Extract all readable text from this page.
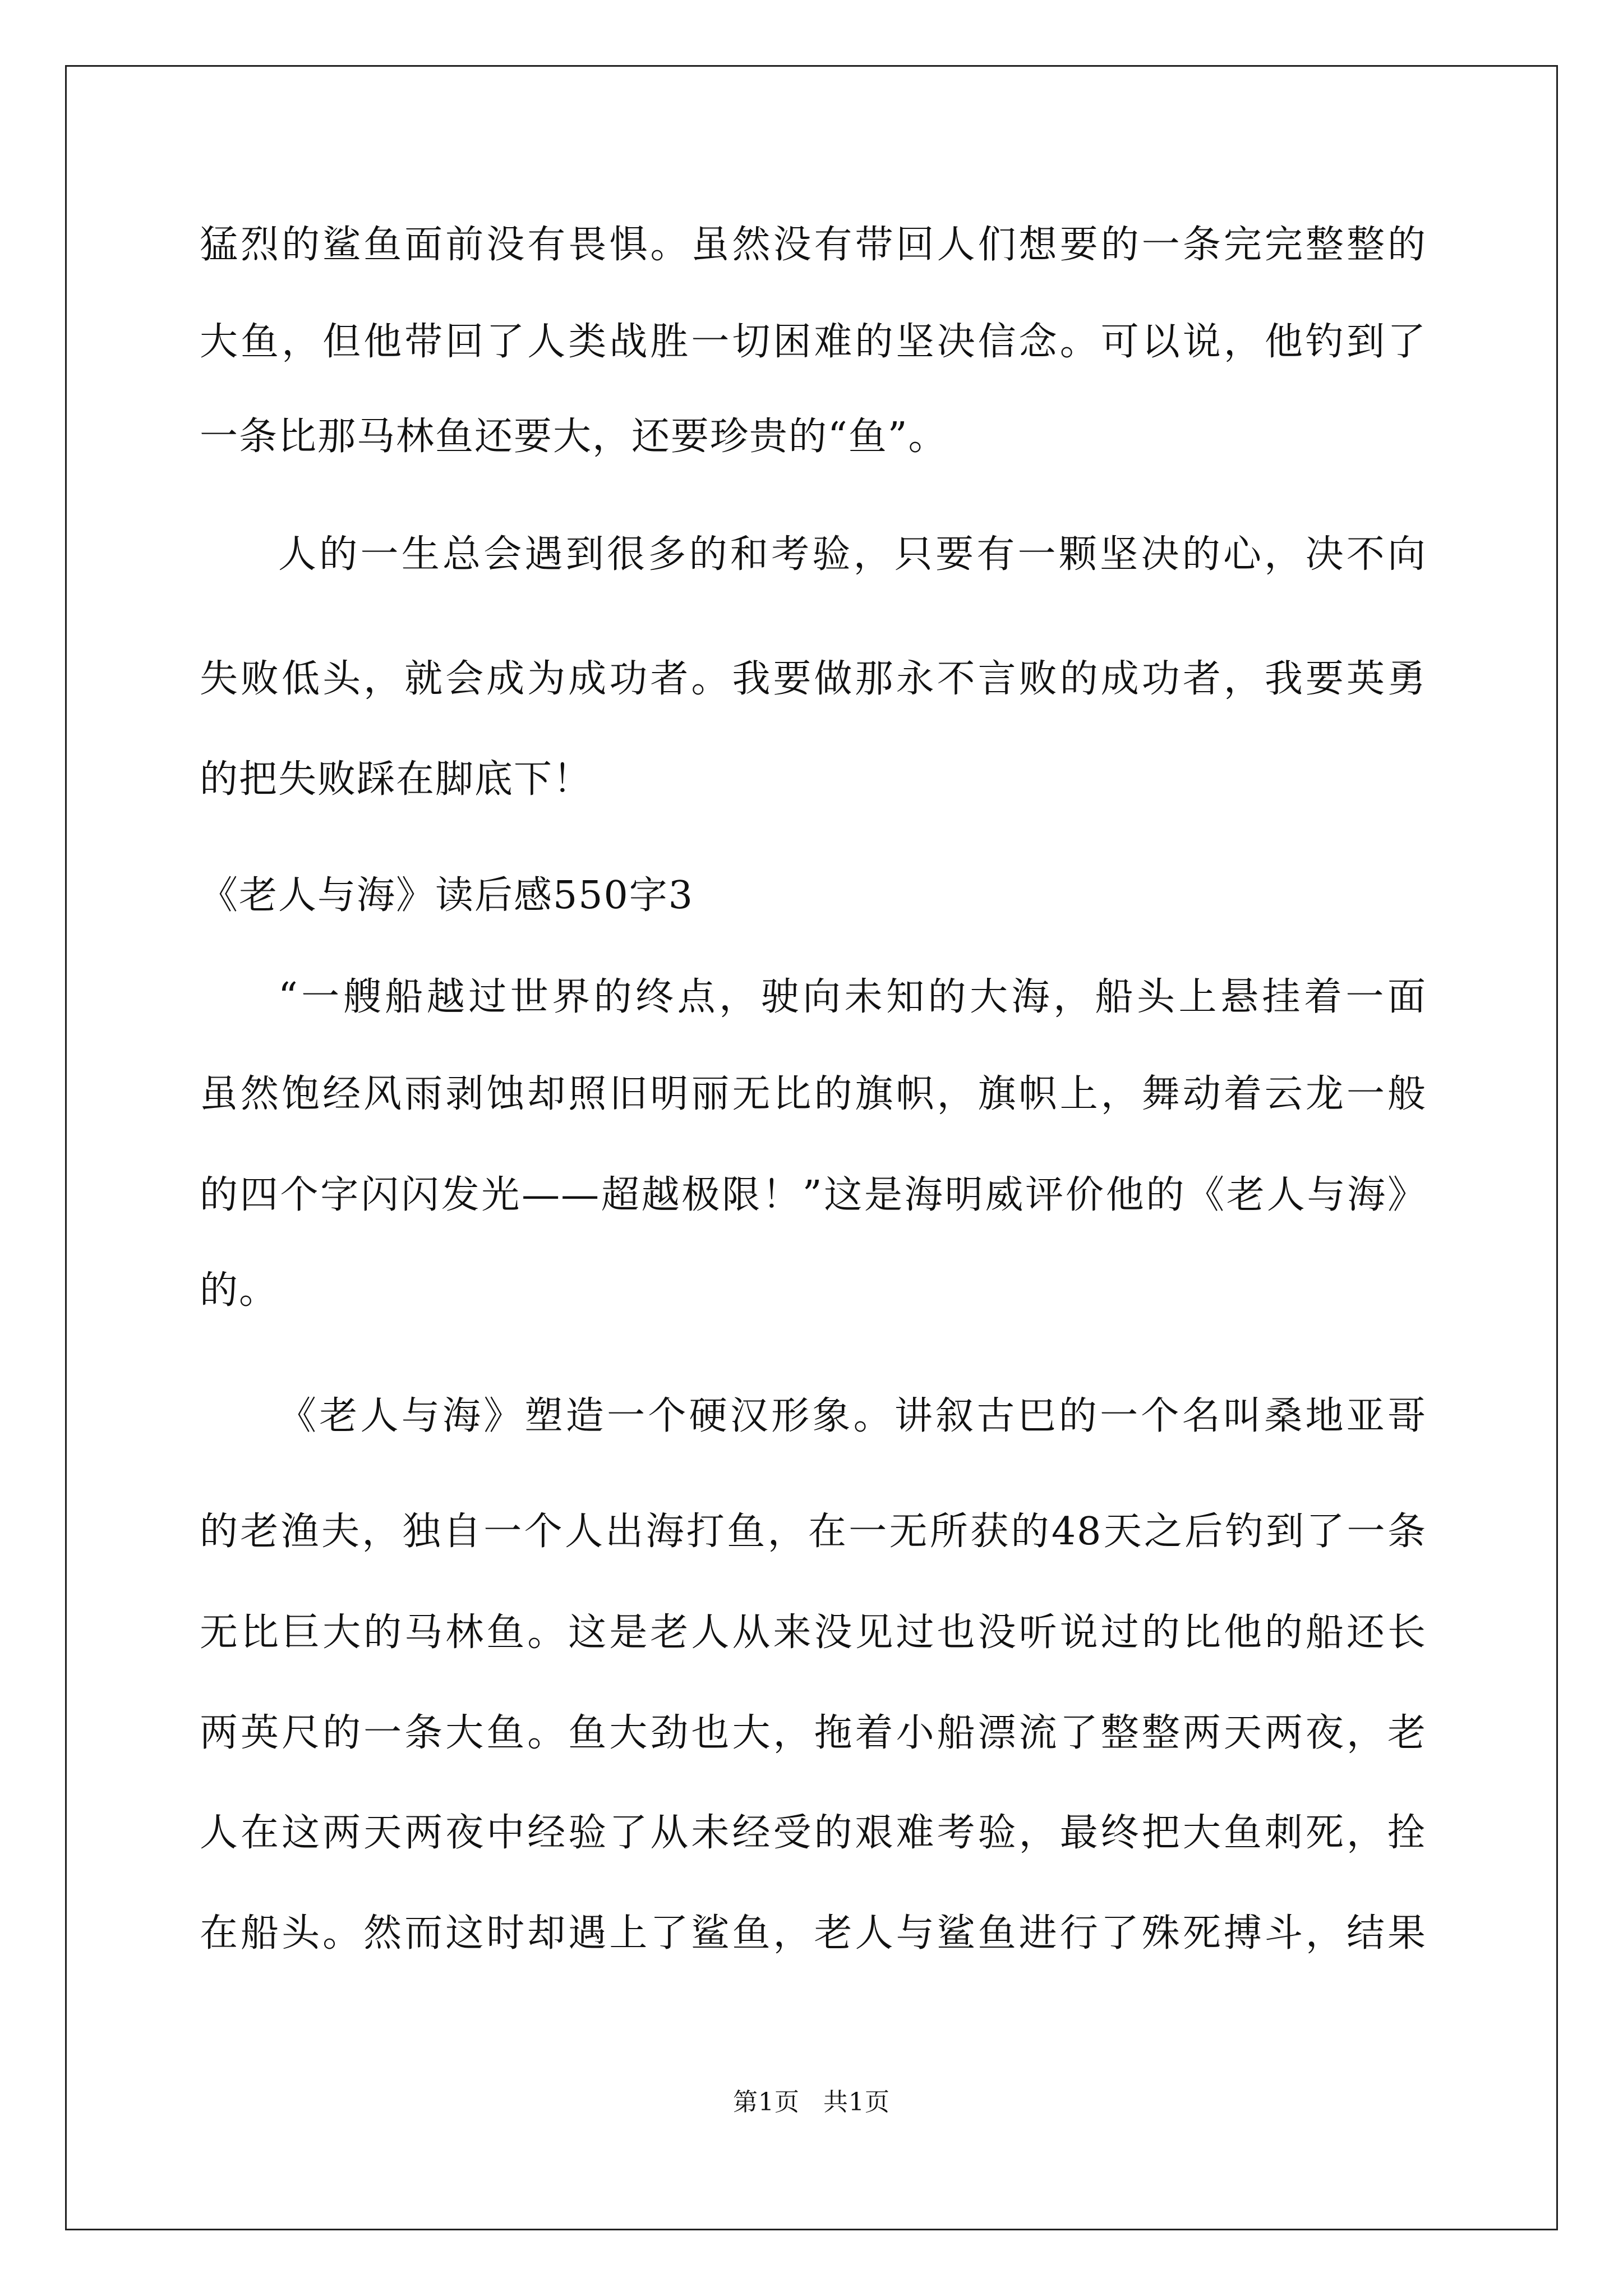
猛烈的鲨鱼面前没有畏惧。虽然没有带回人们想要的一条完完整整的
大鱼，但他带回了人类战胜一切困难的坚决信念。可以说，他钓到了
一条比那马林鱼还要大，还要珍贵的“鱼”。
人的一生总会遇到很多的和考验，只要有一颗坚决的心，决不向
失败低头，就会成为成功者。我要做那永不言败的成功者，我要英勇
的把失败踩在脚底下！
《老人与海》读后感550字3
“一艘船越过世界的终点，驶向未知的大海，船头上悬挂着一面
虽然饱经风雨剥蚀却照旧明丽无比的旗帜，旗帜上，舞动着云龙一般
的四个字闪闪发光——超越极限！”这是海明威评价他的《老人与海》
的。
《老人与海》塑造一个硬汉形象。讲叙古巴的一个名叫桑地亚哥
的老渔夫，独自一个人出海打鱼，在一无所获的48天之后钓到了一条
无比巨大的马林鱼。这是老人从来没见过也没听说过的比他的船还长
两英尺的一条大鱼。鱼大劲也大，拖着小船漂流了整整两天两夜，老
人在这两天两夜中经验了从未经受的艰难考验，最终把大鱼刺死，拴
在船头。然而这时却遇上了鲨鱼，老人与鲨鱼进行了殊死搏斗，结果
第1页 共1页
